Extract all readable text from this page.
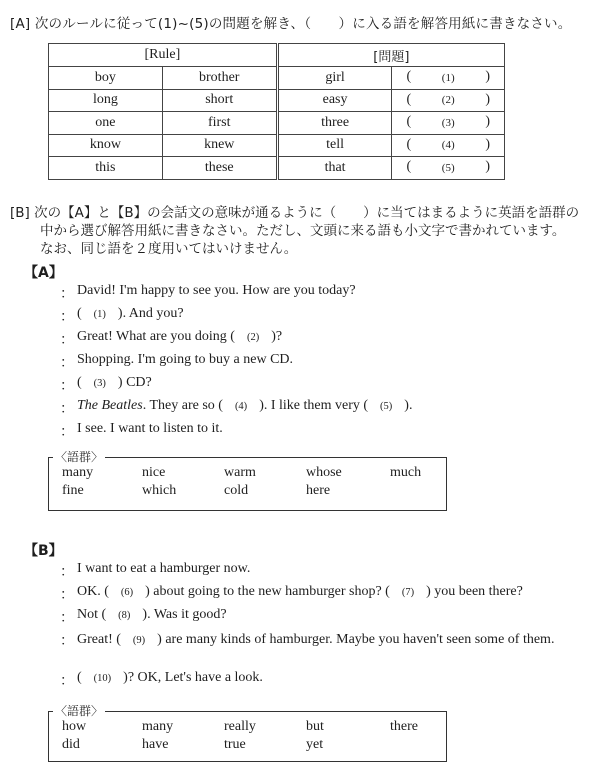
[A] 次のルールに従って(1)~(5)の問題を解き、（　　）に入る語を解答用紙に書きなさい。
[Rule]		[問題]	
boy	brother	girl	( (1) )

long	short	easy	( (2) )

one	first	three	( (3) )

know	knew	tell	( (4) )

this	these	that	( (5) )
[B] 次の【A】と【B】の会話文の意味が通るように（　　）に当てはまるように英語を語群の
中から選び解答用紙に書きなさい。ただし、文頭に来る語も小文字で書かれています。
なお、同じ語を２度用いてはいけません。
【A】
： David! I'm happy to see you. How are you today?
： ( (1) ). And you?
： Great! What are you doing ( (2) )?
： Shopping. I'm going to buy a new CD.
： ( (3) ) CD?
： The Beatles. They are so ( (4) ). I like them very ( (5) ).
： I see. I want to listen to it.
〈語群〉
many	nice	warm	whose	much
fine	which	cold	here
【B】
： I want to eat a hamburger now.
： OK. ( (6) ) about going to the new hamburger shop? ( (7) ) you been there?
： Not ( (8) ). Was it good?
： Great! ( (9) ) are many kinds of hamburger. Maybe you haven't seen some of them.
： ( (10) )? OK, Let's have a look.
〈語群〉
how	many	really	but	there
did	have	true	yet
